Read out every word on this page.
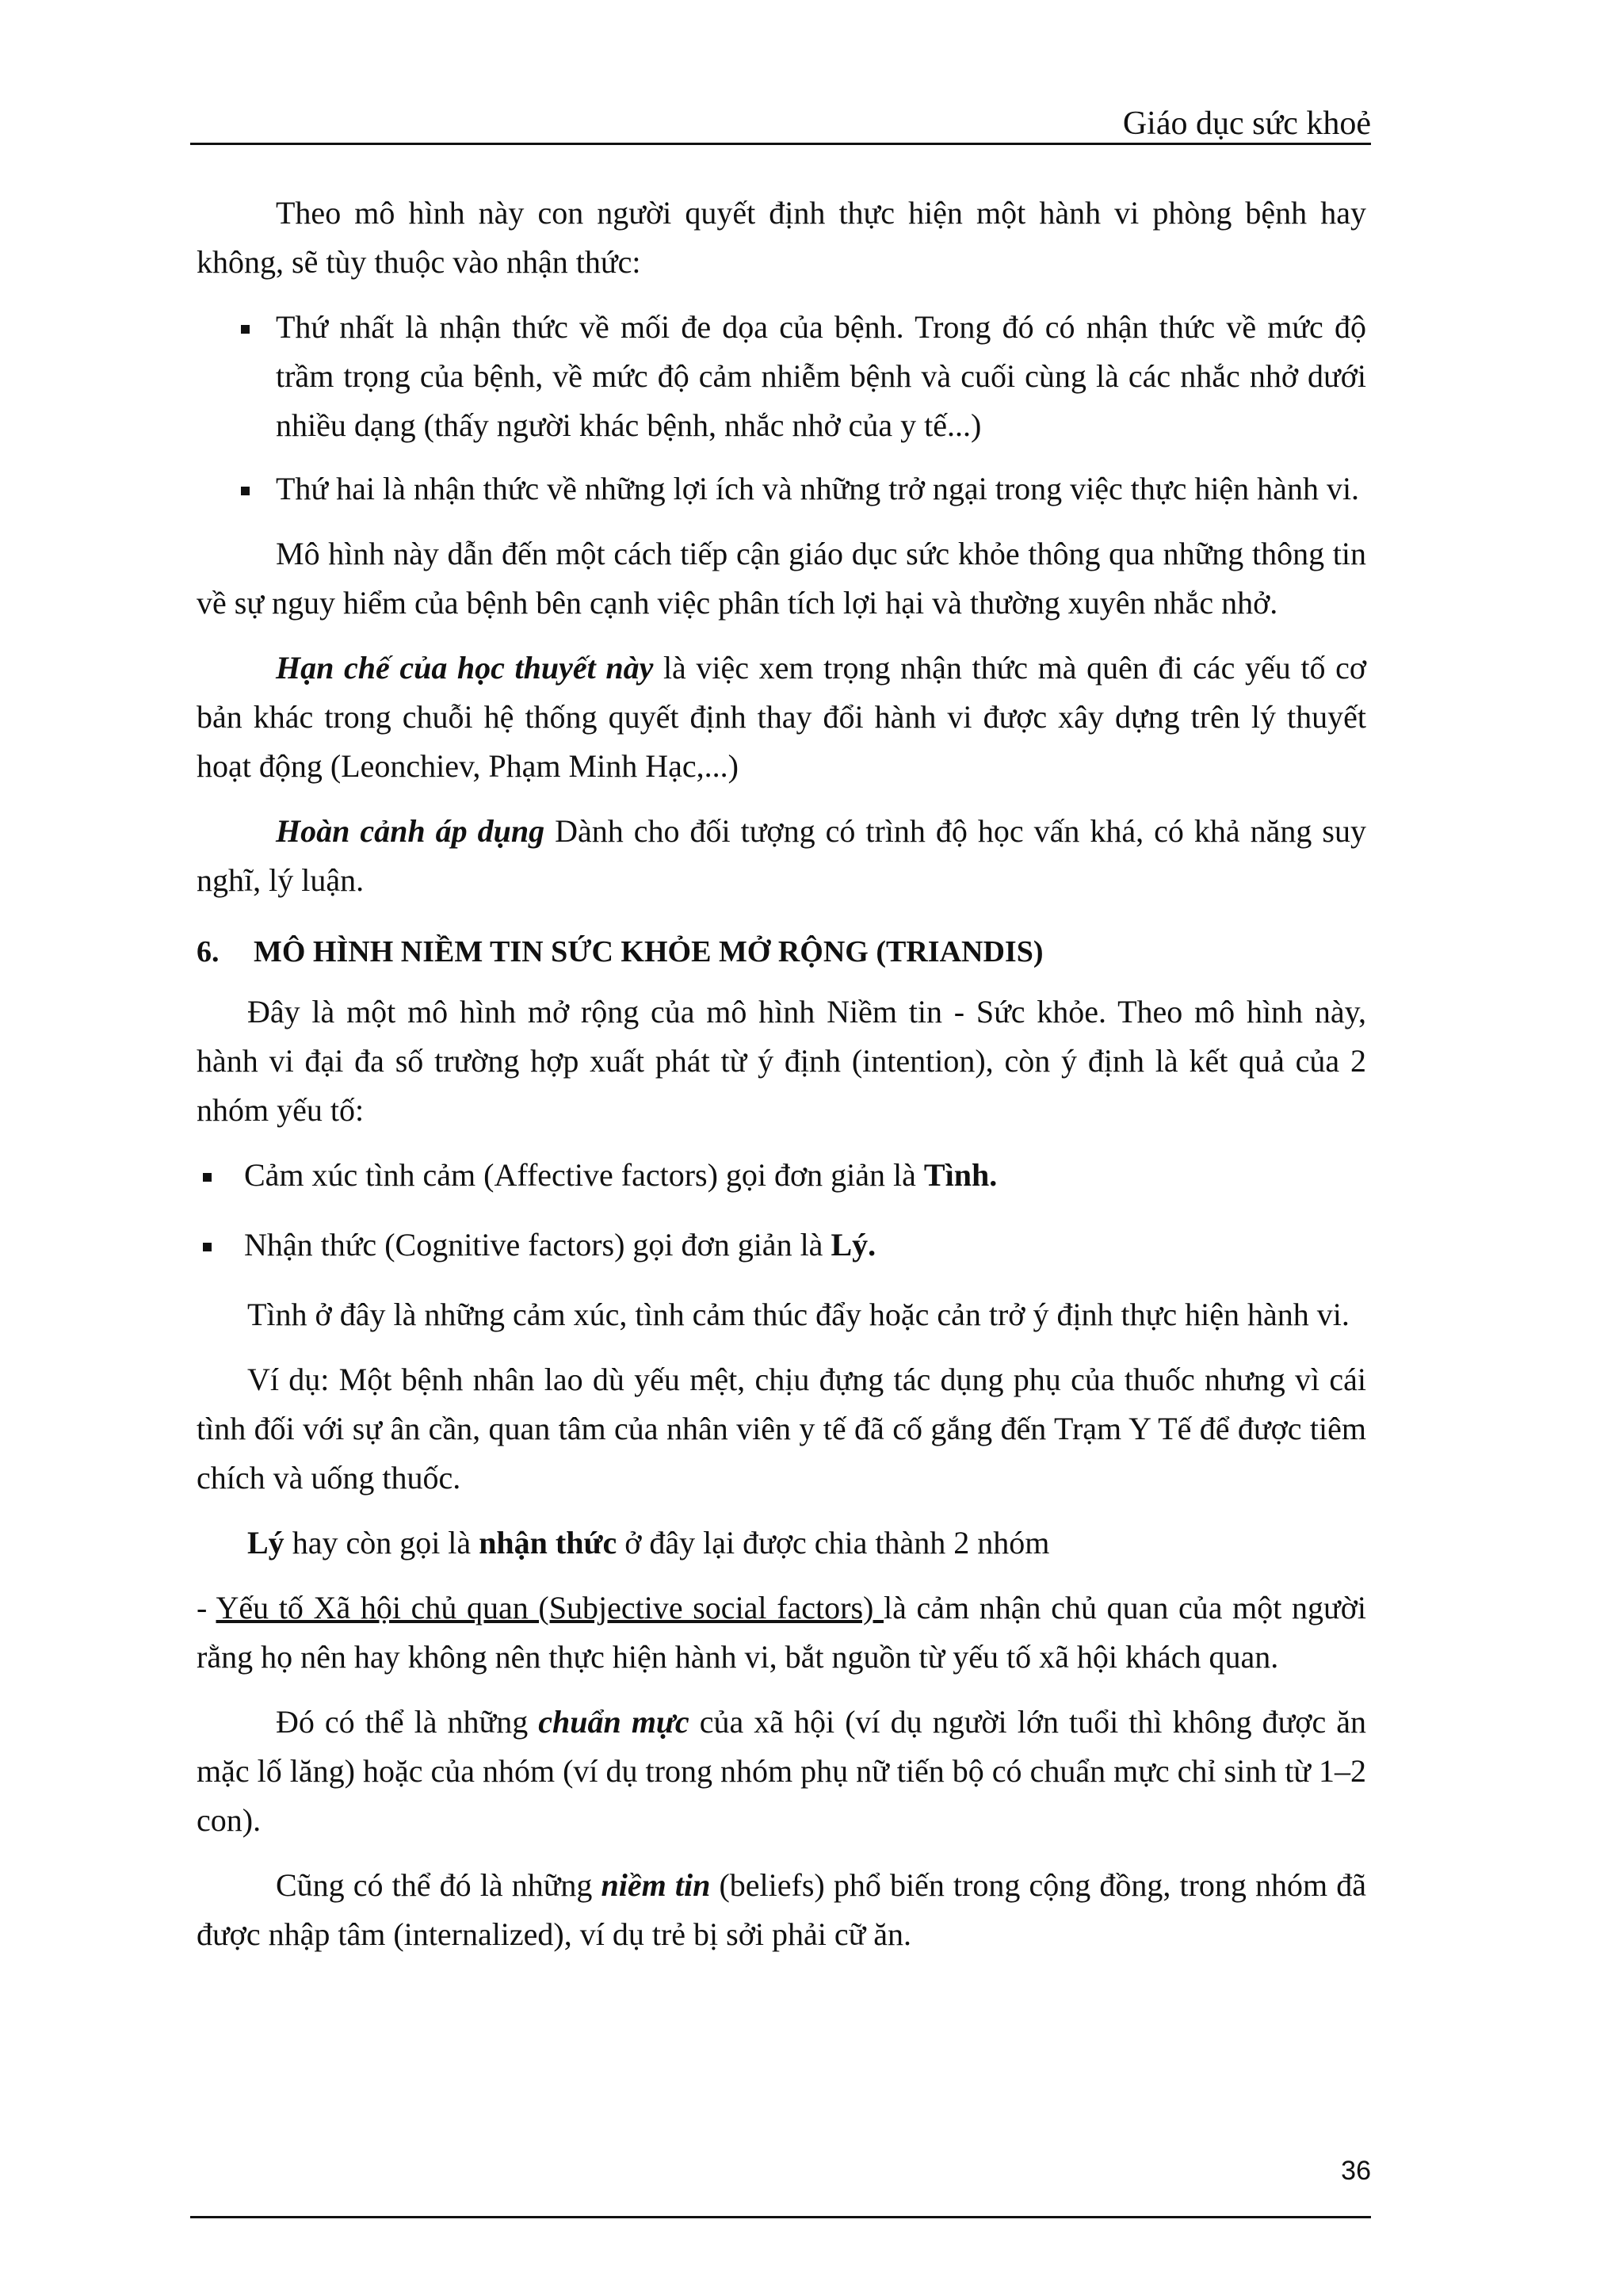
Giáo dục sức khoẻ

Theo mô hình này con người quyết định thực hiện một hành vi phòng bệnh hay không, sẽ tùy thuộc vào nhận thức:

Thứ nhất là nhận thức về mối đe dọa của bệnh. Trong đó có nhận thức về mức độ trầm trọng của bệnh, về mức độ cảm nhiễm bệnh và cuối cùng là các nhắc nhở dưới nhiều dạng (thấy người khác bệnh, nhắc nhở của y tế...)
Thứ hai là nhận thức về những lợi ích và những trở ngại trong việc thực hiện hành vi.

Mô hình này dẫn đến một cách tiếp cận giáo dục sức khỏe thông qua những thông tin về sự nguy hiểm của bệnh bên cạnh việc phân tích lợi hại và thường xuyên nhắc nhở.

Hạn chế của học thuyết này là việc xem trọng nhận thức mà quên đi các yếu tố cơ bản khác trong chuỗi hệ thống quyết định thay đổi hành vi được xây dựng trên lý thuyết hoạt động (Leonchiev, Phạm Minh Hạc,...)

Hoàn cảnh áp dụng Dành cho đối tượng có trình độ học vấn khá, có khả năng suy nghĩ, lý luận.

6. MÔ HÌNH NIỀM TIN SỨC KHỎE MỞ RỘNG (TRIANDIS)

Đây là một mô hình mở rộng của mô hình Niềm tin - Sức khỏe. Theo mô hình này, hành vi đại đa số trường hợp xuất phát từ ý định (intention), còn ý định là kết quả của 2 nhóm yếu tố:

Cảm xúc tình cảm (Affective factors) gọi đơn giản là Tình.
Nhận thức (Cognitive factors) gọi đơn giản là Lý.

Tình ở đây là những cảm xúc, tình cảm thúc đẩy hoặc cản trở ý định thực hiện hành vi.

Ví dụ: Một bệnh nhân lao dù yếu mệt, chịu đựng tác dụng phụ của thuốc nhưng vì cái tình đối với sự ân cần, quan tâm của nhân viên y tế đã cố gắng đến Trạm Y Tế để được tiêm chích và uống thuốc.

Lý hay còn gọi là nhận thức ở đây lại được chia thành 2 nhóm

- Yếu tố Xã hội chủ quan (Subjective social factors) là cảm nhận chủ quan của một người rằng họ nên hay không nên thực hiện hành vi, bắt nguồn từ yếu tố xã hội khách quan.

Đó có thể là những chuẩn mực của xã hội (ví dụ người lớn tuổi thì không được ăn mặc lố lăng) hoặc của nhóm (ví dụ trong nhóm phụ nữ tiến bộ có chuẩn mực chỉ sinh từ 1–2 con).

Cũng có thể đó là những niềm tin (beliefs) phổ biến trong cộng đồng, trong nhóm đã được nhập tâm (internalized), ví dụ trẻ bị sởi phải cữ ăn.

36
